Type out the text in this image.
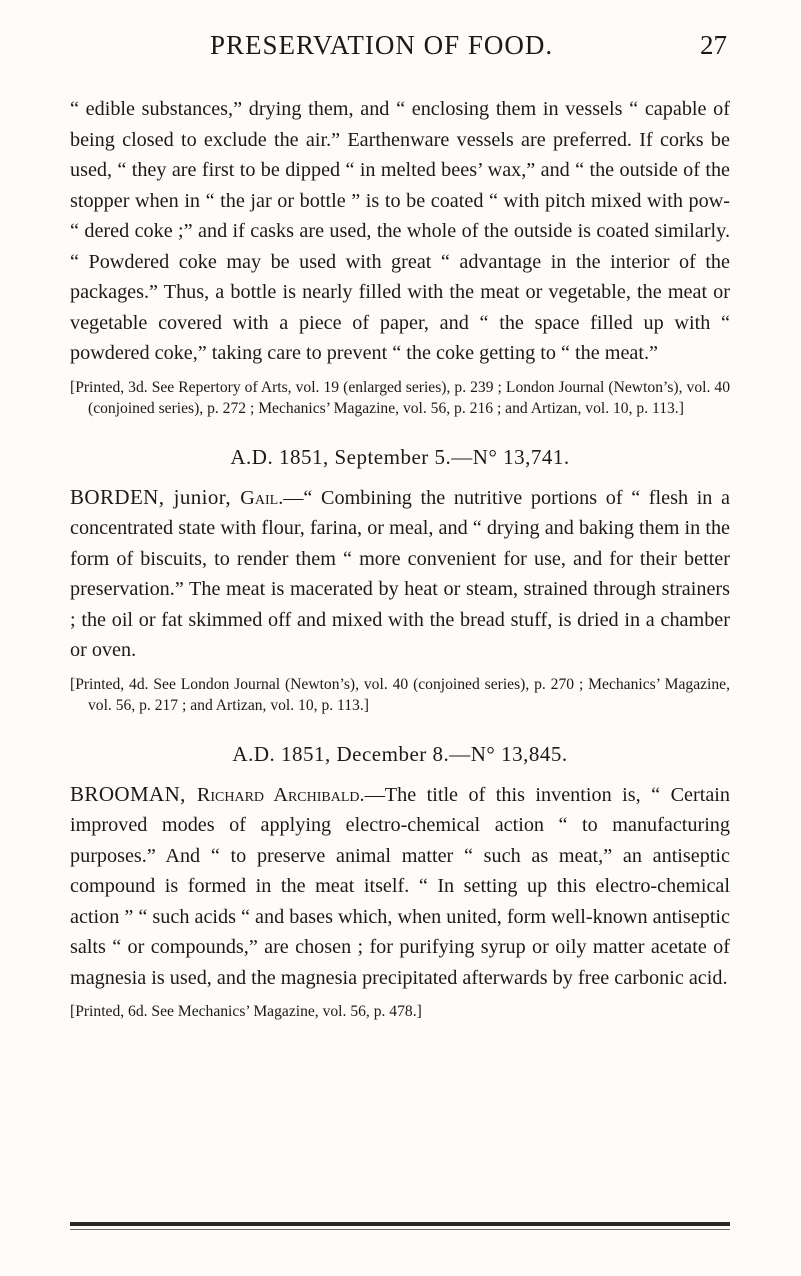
PRESERVATION OF FOOD.	27

“ edible substances,” drying them, and “ enclosing them in vessels “ capable of being closed to exclude the air.” Earthenware vessels are preferred. If corks be used, “ they are first to be dipped “ in melted bees’ wax,” and “ the outside of the stopper when in “ the jar or bottle ” is to be coated “ with pitch mixed with pow- “ dered coke ;” and if casks are used, the whole of the outside is coated similarly. “ Powdered coke may be used with great “ advantage in the interior of the packages.” Thus, a bottle is nearly filled with the meat or vegetable, the meat or vegetable covered with a piece of paper, and “ the space filled up with “ powdered coke,” taking care to prevent “ the coke getting to “ the meat.”

[Printed, 3d. See Repertory of Arts, vol. 19 (enlarged series), p. 239 ; London Journal (Newton’s), vol. 40 (conjoined series), p. 272 ; Mechanics’ Magazine, vol. 56, p. 216 ; and Artizan, vol. 10, p. 113.]

A.D. 1851, September 5.—N° 13,741.

BORDEN, junior, Gail.—“ Combining the nutritive portions of “ flesh in a concentrated state with flour, farina, or meal, and “ drying and baking them in the form of biscuits, to render them “ more convenient for use, and for their better preservation.” The meat is macerated by heat or steam, strained through strainers ; the oil or fat skimmed off and mixed with the bread stuff, is dried in a chamber or oven.

[Printed, 4d. See London Journal (Newton’s), vol. 40 (conjoined series), p. 270 ; Mechanics’ Magazine, vol. 56, p. 217 ; and Artizan, vol. 10, p. 113.]

A.D. 1851, December 8.—N° 13,845.

BROOMAN, Richard Archibald.—The title of this invention is, “ Certain improved modes of applying electro-chemical action “ to manufacturing purposes.” And “ to preserve animal matter “ such as meat,” an antiseptic compound is formed in the meat itself. “ In setting up this electro-chemical action ” “ such acids “ and bases which, when united, form well-known antiseptic salts “ or compounds,” are chosen ; for purifying syrup or oily matter acetate of magnesia is used, and the magnesia precipitated afterwards by free carbonic acid.

[Printed, 6d. See Mechanics’ Magazine, vol. 56, p. 478.]
